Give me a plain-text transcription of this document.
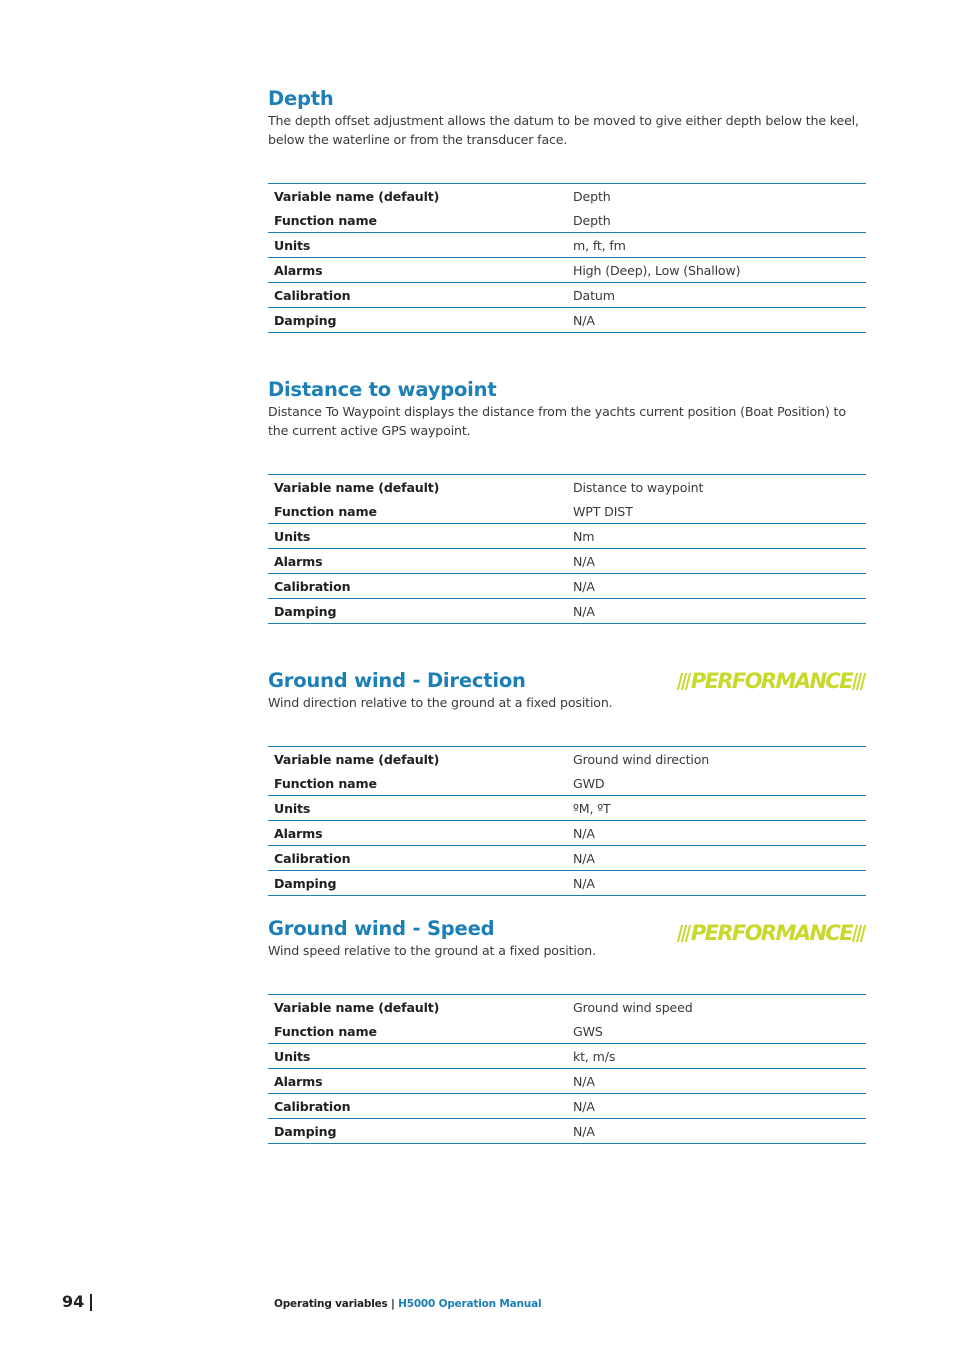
Depth

The depth offset adjustment allows the datum to be moved to give either depth below the keel, below the waterline or from the transducer face.

Variable name (default)	Depth
Function name	Depth
Units	m, ft, fm
Alarms	High (Deep), Low (Shallow)
Calibration	Datum
Damping	N/A
Distance to waypoint

Distance To Waypoint displays the distance from the yachts current position (Boat Position) to the current active GPS waypoint.

Variable name (default)	Distance to waypoint
Function name	WPT DIST
Units	Nm
Alarms	N/A
Calibration	N/A
Damping	N/A
Ground wind - Direction	PERFORMANCE

Wind direction relative to the ground at a fixed position.

Variable name (default)	Ground wind direction
Function name	GWD
Units	ºM, ºT
Alarms	N/A
Calibration	N/A
Damping	N/A
Ground wind - Speed	PERFORMANCE

Wind speed relative to the ground at a fixed position.

Variable name (default)	Ground wind speed
Function name	GWS
Units	kt, m/s
Alarms	N/A
Calibration	N/A
Damping	N/A
94	Operating variables | H5000 Operation Manual
